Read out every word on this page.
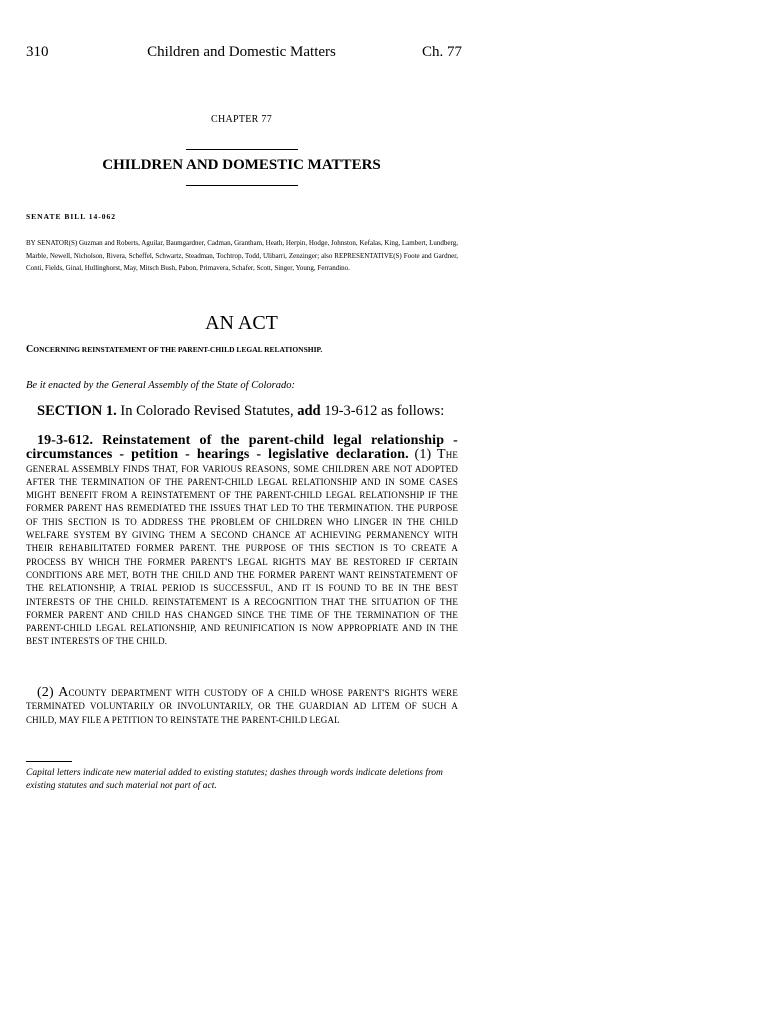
310	Children and Domestic Matters	Ch. 77
CHAPTER 77
CHILDREN AND DOMESTIC MATTERS
SENATE BILL 14-062
BY SENATOR(S) Guzman and Roberts, Aguilar, Baumgardner, Cadman, Grantham, Heath, Herpin, Hodge, Johnston, Kefalas, King, Lambert, Lundberg, Marble, Newell, Nicholson, Rivera, Scheffel, Schwartz, Steadman, Tochtrop, Todd, Ulibarri, Zenzinger; also REPRESENTATIVE(S) Foote and Gardner, Conti, Fields, Ginal, Hullinghorst, May, Mitsch Bush, Pabon, Primavera, Schafer, Scott, Singer, Young, Ferrandino.
AN ACT
CONCERNING REINSTATEMENT OF THE PARENT-CHILD LEGAL RELATIONSHIP.
Be it enacted by the General Assembly of the State of Colorado:
SECTION 1. In Colorado Revised Statutes, add 19-3-612 as follows:
19-3-612. Reinstatement of the parent-child legal relationship - circumstances - petition - hearings - legislative declaration. (1) THE GENERAL ASSEMBLY FINDS THAT, FOR VARIOUS REASONS, SOME CHILDREN ARE NOT ADOPTED AFTER THE TERMINATION OF THE PARENT-CHILD LEGAL RELATIONSHIP AND IN SOME CASES MIGHT BENEFIT FROM A REINSTATEMENT OF THE PARENT-CHILD LEGAL RELATIONSHIP IF THE FORMER PARENT HAS REMEDIATED THE ISSUES THAT LED TO THE TERMINATION. THE PURPOSE OF THIS SECTION IS TO ADDRESS THE PROBLEM OF CHILDREN WHO LINGER IN THE CHILD WELFARE SYSTEM BY GIVING THEM A SECOND CHANCE AT ACHIEVING PERMANENCY WITH THEIR REHABILITATED FORMER PARENT. THE PURPOSE OF THIS SECTION IS TO CREATE A PROCESS BY WHICH THE FORMER PARENT'S LEGAL RIGHTS MAY BE RESTORED IF CERTAIN CONDITIONS ARE MET, BOTH THE CHILD AND THE FORMER PARENT WANT REINSTATEMENT OF THE RELATIONSHIP, A TRIAL PERIOD IS SUCCESSFUL, AND IT IS FOUND TO BE IN THE BEST INTERESTS OF THE CHILD. REINSTATEMENT IS A RECOGNITION THAT THE SITUATION OF THE FORMER PARENT AND CHILD HAS CHANGED SINCE THE TIME OF THE TERMINATION OF THE PARENT-CHILD LEGAL RELATIONSHIP, AND REUNIFICATION IS NOW APPROPRIATE AND IN THE BEST INTERESTS OF THE CHILD.
(2) ACOUNTY DEPARTMENT WITH CUSTODY OF A CHILD WHOSE PARENT'S RIGHTS WERE TERMINATED VOLUNTARILY OR INVOLUNTARILY, OR THE GUARDIAN AD LITEM OF SUCH A CHILD, MAY FILE A PETITION TO REINSTATE THE PARENT-CHILD LEGAL
Capital letters indicate new material added to existing statutes; dashes through words indicate deletions from existing statutes and such material not part of act.
